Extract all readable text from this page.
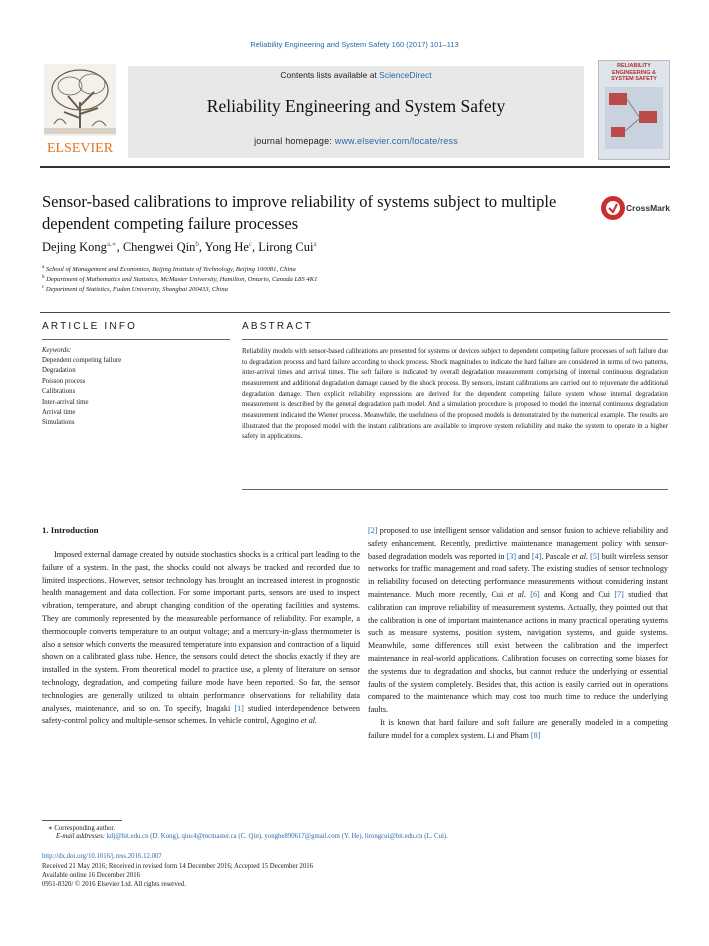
Reliability Engineering and System Safety 160 (2017) 101–113
ELSEVIER
Contents lists available at ScienceDirect
Reliability Engineering and System Safety
journal homepage: www.elsevier.com/locate/ress
RELIABILITY ENGINEERING & SYSTEM SAFETY
Sensor-based calibrations to improve reliability of systems subject to multiple dependent competing failure processes
CrossMark
Dejing Kong$^{a,∗}$, Chengwei Qin$^b$, Yong He$^c$, Lirong Cui$^a$
$^a$ School of Management and Economics, Beijing Institute of Technology, Beijing 100081, China
$^b$ Department of Mathematics and Statistics, McMaster University, Hamilton, Ontario, Canada L8S 4K1
$^c$ Department of Statistics, Fudan University, Shanghai 200433, China
ARTICLE INFO	ABSTRACT
Keywords:
Dependent competing failure
Degradation
Poisson process
Calibrations
Inter-arrival time
Arrival time
Simulations
Reliability models with sensor-based calibrations are presented for systems or devices subject to dependent competing failure processes of soft failure due to degradation process and hard failure according to shock process. Shock magnitudes to indicate the hard failure are considered in terms of two patterns, inter-arrival times and arrival times. The soft failure is indicated by overall degradation measurement comprising of internal continuous degradation measurement and additional degradation damage caused by the shock process. By sensors, instant calibrations are carried out to rejuvenate the additional degradation damage. Then explicit reliability expressions are derived for the dependent competing failure system whose internal degradation measurement is described by the general degradation path model. And a simulation procedure is proposed to model the internal continuous degradation measurement indicated the Wiener process. Meanwhile, the usefulness of the proposed models is demonstrated by the numerical example. The results are illustrated that the proposed model with the instant calibrations are available to improve system reliability and make the system to operate in a higher safety in applications.
1. Introduction

Imposed external damage created by outside stochastics shocks is a critical part leading to the failure of a system. In the past, the shocks could not always be tracked and recorded due to limited inspections. However, sensor technology has brought an increased interest in prognostic health management and data collection. For some important parts, sensors are used to inspect vibration, temperature, and abrupt changing condition of the operating facilities and systems. They are commonly represented by the measureable performance of reliability. For example, a thermocouple converts temperature to an output voltage; and a mercury-in-glass thermometer is also a sensor which converts the measured temperature into expansion and contraction of a liquid shown on a calibrated glass tube. Hence, the sensors could detect the shocks exactly if they are installed in the system. From theoretical model to practice use, a plenty of literature on sensor technology, degradation, and competing failure mode have been reported. So far, the sensor technologies are generally utilized to obtain performance observations for reliability data analyses, maintenance, and so on. To specify, Inagaki [1] studied interdependence between safety-control policy and multiple-sensor schemes. In vehicle control, Agogino et al.

[2] proposed to use intelligent sensor validation and sensor fusion to achieve reliability and safety enhancement. Recently, predictive maintenance management policy with sensor-based degradation models was reported in [3] and [4]. Pascale et al. [5] built wireless sensor networks for traffic management and road safety. The existing studies of sensor technology in reliability focused on detecting performance measurements without considering instant maintenance. Much more recently, Cui et al. [6] and Kong and Cui [7] studied that calibration can improve reliability of measurement systems. Actually, they pointed out that the calibration is one of important maintenance actions in many practical operating systems such as measure systems, position system, navigation systems, and guide systems. Meanwhile, some differences still exist between the calibration and the imperfect maintenance in real-world applications. Calibration focuses on correcting some biases for the systems due to degradation and shocks, but cannot reduce the underlying or essential faults of the system completely. Besides that, this action is easily carried out in operations compared to the maintenance which may cost too much time to reduce the underlying faults.

It is known that hard failure and soft failure are generally modeled in a competing failure model for a complex system. Li and Pham [8]

∗ Corresponding author.
E-mail addresses: kdj@bit.edu.cn (D. Kong), qinc4@mcmaster.ca (C. Qin), yonghe890617@gmail.com (Y. He), lirongcui@bit.edu.cn (L. Cui).
http://dx.doi.org/10.1016/j.ress.2016.12.007
Received 21 May 2016; Received in revised form 14 December 2016; Accepted 15 December 2016
Available online 16 December 2016
0951-8320/ © 2016 Elsevier Ltd. All rights reserved.
